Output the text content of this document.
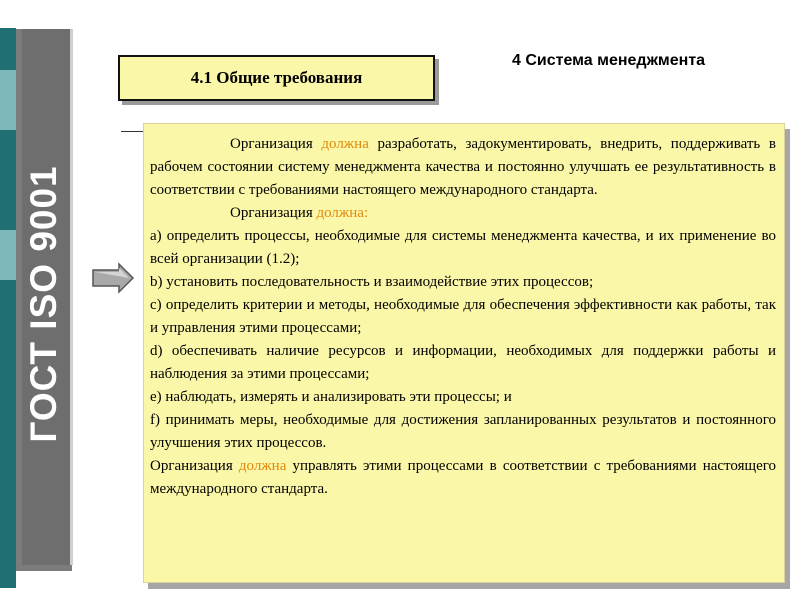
ГОСТ ISO 9001
4.1 Общие требования
4 Система менеджмента

Организация должна разработать, задокументировать, внедрить, поддерживать в рабочем состоянии систему менеджмента качества и постоянно улучшать ее результативность в соответствии с требованиями настоящего международного стандарта.

Организация должна:

а) определить процессы, необходимые для системы менеджмента качества, и их применение во всей организации (1.2);

b) установить последовательность и взаимодействие этих процессов;

с) определить критерии и методы, необходимые для обеспечения эффективности как работы, так и управления этими процессами;

d) обеспечивать наличие ресурсов и информации, необходимых для поддержки работы и наблюдения за этими процессами;

е) наблюдать, измерять и анализировать эти процессы; и

f) принимать меры, необходимые для достижения запланированных результатов и постоянного улучшения этих процессов.

Организация должна управлять этими процессами в соответствии с требованиями настоящего международного стандарта.
